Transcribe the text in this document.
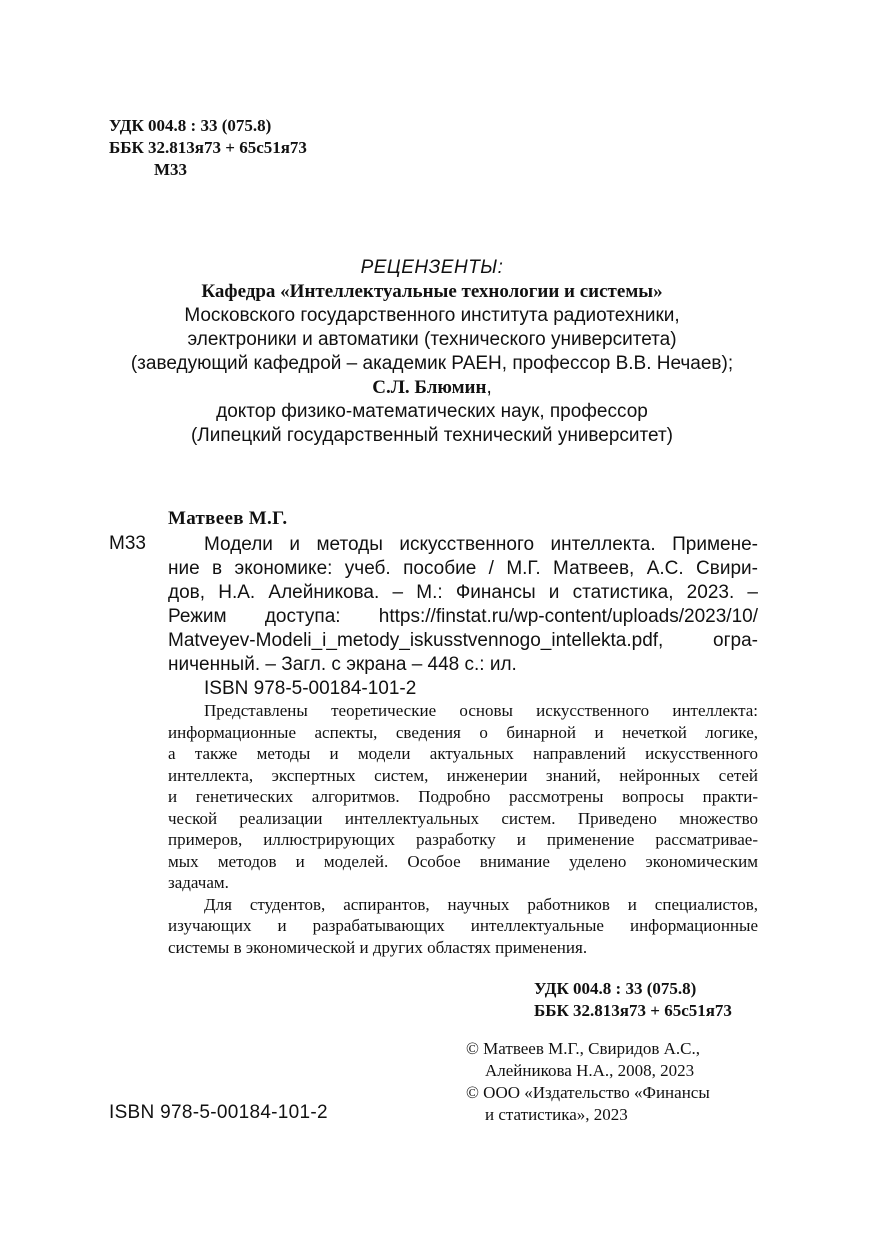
УДК 004.8 : 33 (075.8)
ББК 32.813я73 + 65с51я73
М33
РЕЦЕНЗЕНТЫ:
Кафедра «Интеллектуальные технологии и системы»
Московского государственного института радиотехники,
электроники и автоматики (технического университета)
(заведующий кафедрой – академик РАЕН, профессор В.В. Нечаев);
С.Л. Блюмин,
доктор физико-математических наук, профессор
(Липецкий государственный технический университет)
Матвеев М.Г.
М33	Модели и методы искусственного интеллекта. Примене-
ние в экономике: учеб. пособие / М.Г. Матвеев, А.С. Свири-
дов, Н.А. Алейникова. – М.: Финансы и статистика, 2023. –
Режим доступа: https://finstat.ru/wp-content/uploads/2023/10/
Matveyev-Modeli_i_metody_iskusstvennogo_intellekta.pdf, огра-
ниченный. – Загл. с экрана – 448 с.: ил.
ISBN 978-5-00184-101-2
Представлены теоретические основы искусственного интеллекта:
информационные аспекты, сведения о бинарной и нечеткой логике,
а также методы и модели актуальных направлений искусственного
интеллекта, экспертных систем, инженерии знаний, нейронных сетей
и генетических алгоритмов. Подробно рассмотрены вопросы практи-
ческой реализации интеллектуальных систем. Приведено множество
примеров, иллюстрирующих разработку и применение рассматривае-
мых методов и моделей. Особое внимание уделено экономическим
задачам.
Для студентов, аспирантов, научных работников и специалистов,
изучающих и разрабатывающих интеллектуальные информационные
системы в экономической и других областях применения.
УДК 004.8 : 33 (075.8)
ББК 32.813я73 + 65с51я73
© Матвеев М.Г., Свиридов А.С.,
Алейникова Н.А., 2008, 2023
© ООО «Издательство «Финансы
и статистика», 2023
ISBN 978-5-00184-101-2
